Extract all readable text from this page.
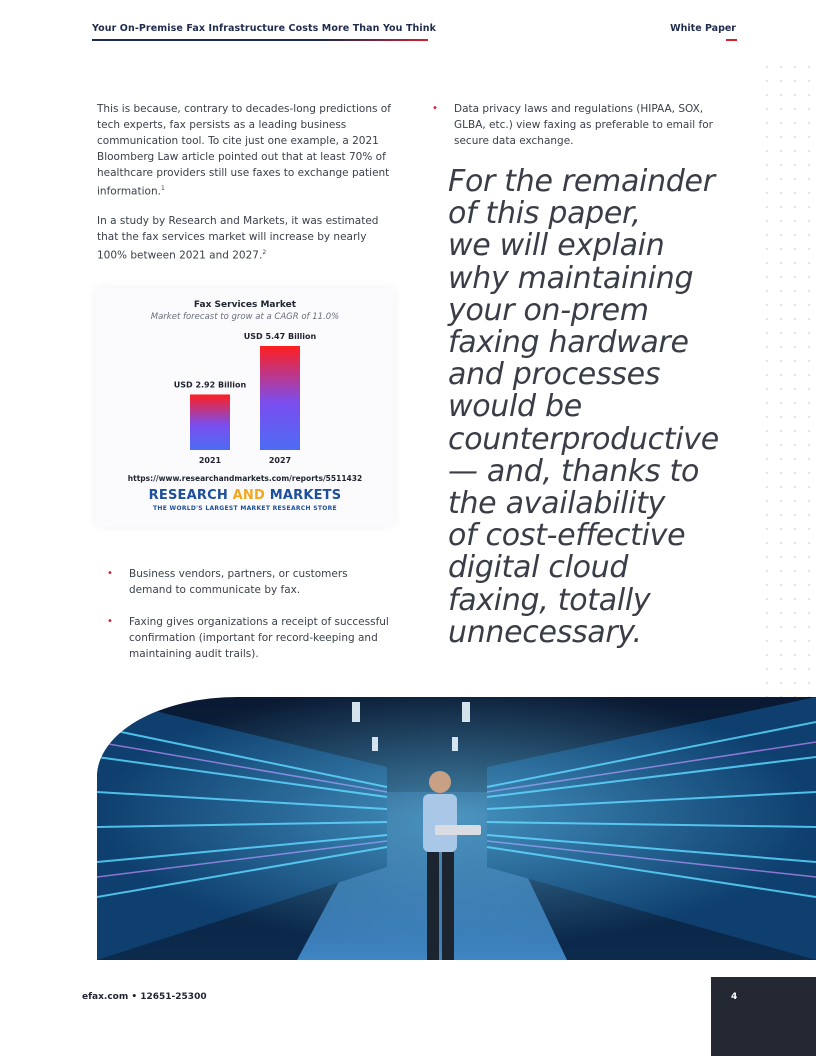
Your On-Premise Fax Infrastructure Costs More Than You Think	White Paper

This is because, contrary to decades-long predictions of tech experts, fax persists as a leading business communication tool. To cite just one example, a 2021 Bloomberg Law article pointed out that at least 70% of healthcare providers still use faxes to exchange patient information.$^1$

In a study by Research and Markets, it was estimated that the fax services market will increase by nearly 100% between 2021 and 2027.$^2$

USD 2.92 Billion
2021
USD 5.47 Billion
2027
Fax Services Market
Market forecast to grow at a CAGR of 11.0%
https://www.researchandmarkets.com/reports/5511432
RESEARCH AND MARKETS
THE WORLD'S LARGEST MARKET RESEARCH STORE
• Business vendors, partners, or customers demand to communicate by fax.
• Faxing gives organizations a receipt of successful confirmation (important for record-keeping and maintaining audit trails).
• Data privacy laws and regulations (HIPAA, SOX, GLBA, etc.) view faxing as preferable to email for secure data exchange.
For the remainder
of this paper,
we will explain
why maintaining
your on-prem
faxing hardware
and processes
would be
counterproductive
— and, thanks to
the availability
of cost-effective
digital cloud
faxing, totally
unnecessary.
efax.com • 12651-25300	4
